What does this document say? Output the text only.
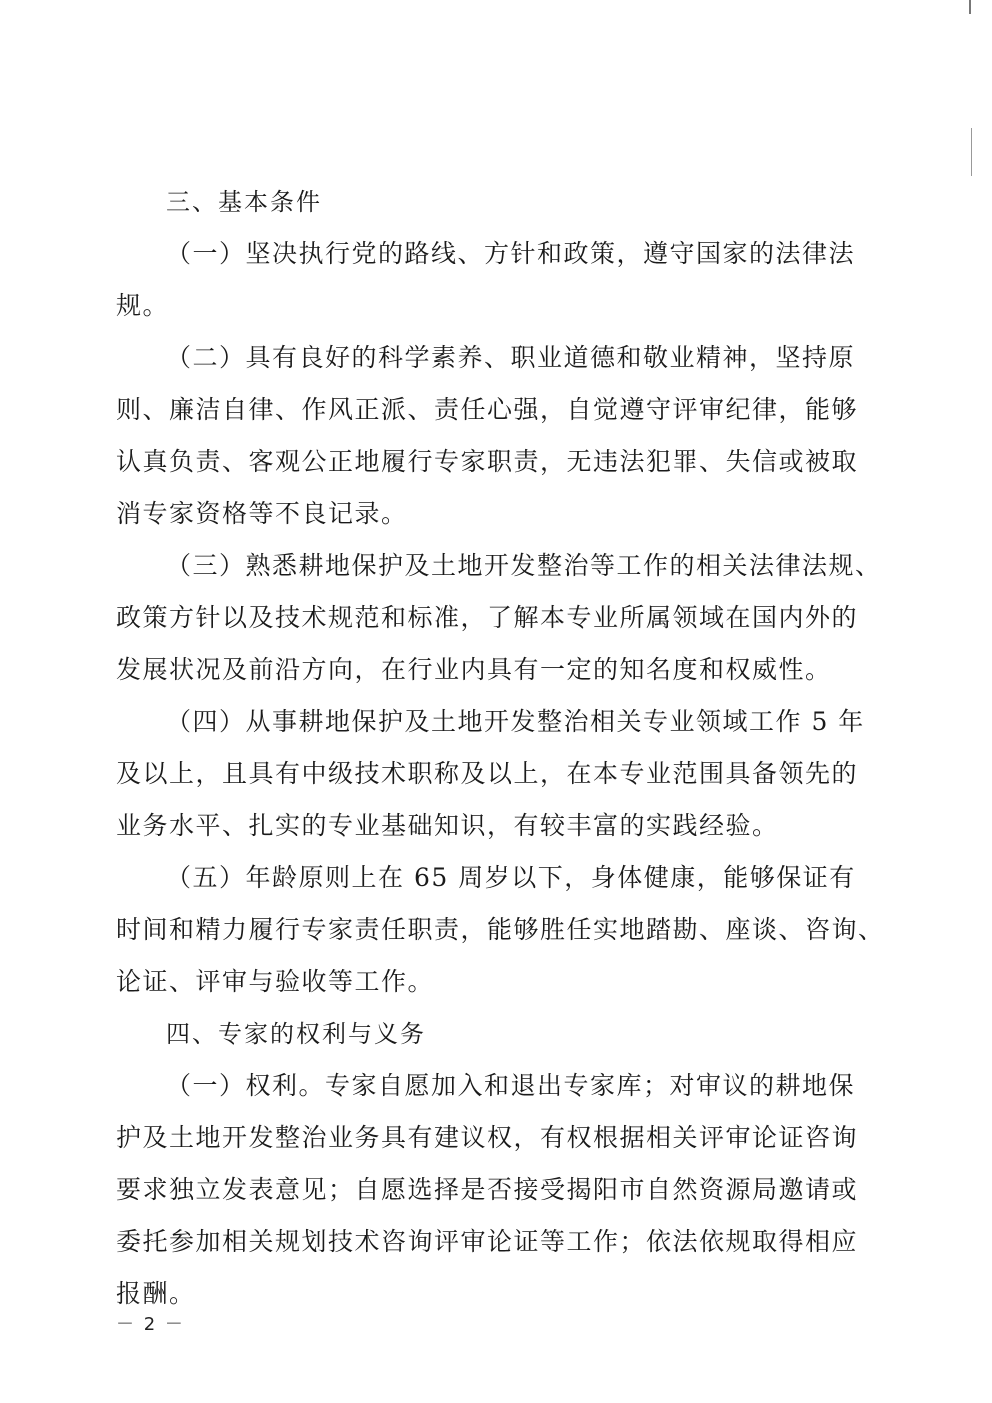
三、基本条件
（一）坚决执行党的路线、方针和政策，遵守国家的法律法
规。
（二）具有良好的科学素养、职业道德和敬业精神，坚持原
则、廉洁自律、作风正派、责任心强，自觉遵守评审纪律，能够
认真负责、客观公正地履行专家职责，无违法犯罪、失信或被取
消专家资格等不良记录。
（三）熟悉耕地保护及土地开发整治等工作的相关法律法规、
政策方针以及技术规范和标准，了解本专业所属领域在国内外的
发展状况及前沿方向，在行业内具有一定的知名度和权威性。
（四）从事耕地保护及土地开发整治相关专业领域工作 5 年
及以上，且具有中级技术职称及以上，在本专业范围具备领先的
业务水平、扎实的专业基础知识，有较丰富的实践经验。
（五）年龄原则上在 65 周岁以下，身体健康，能够保证有
时间和精力履行专家责任职责，能够胜任实地踏勘、座谈、咨询、
论证、评审与验收等工作。
四、专家的权利与义务
（一）权利。专家自愿加入和退出专家库；对审议的耕地保
护及土地开发整治业务具有建议权，有权根据相关评审论证咨询
要求独立发表意见；自愿选择是否接受揭阳市自然资源局邀请或
委托参加相关规划技术咨询评审论证等工作；依法依规取得相应
报酬。
－ 2 －
